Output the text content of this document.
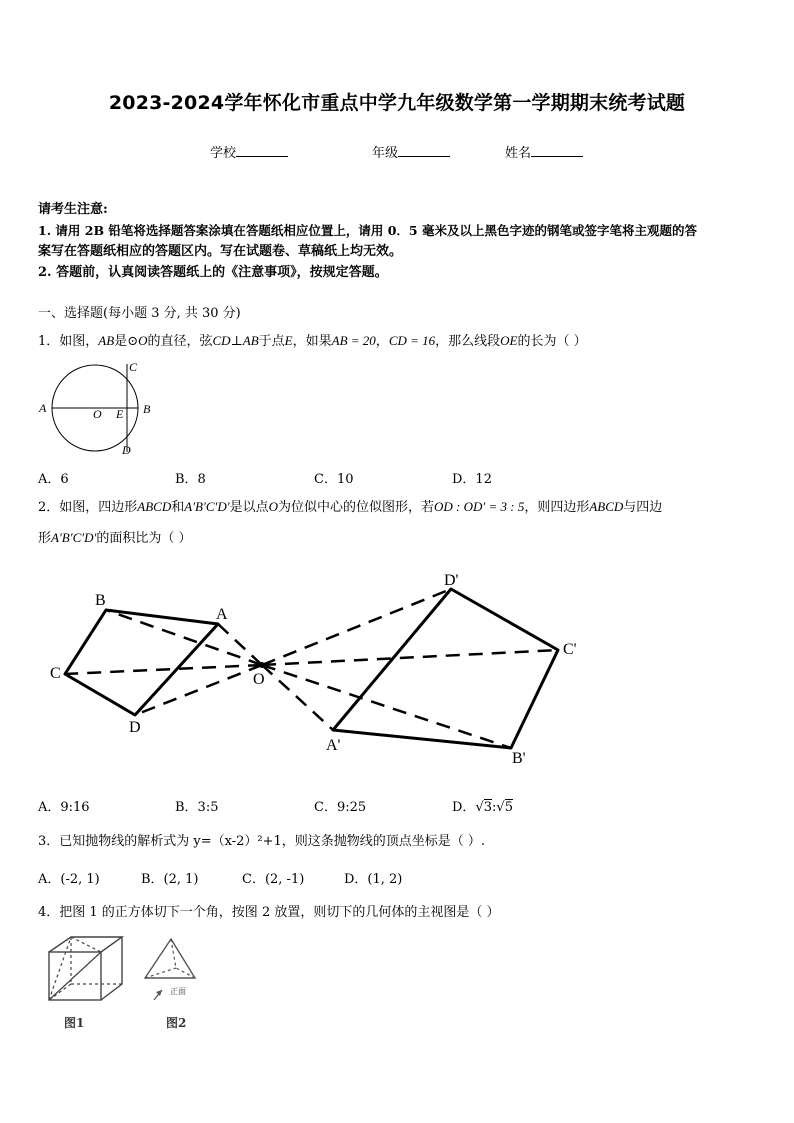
2023-2024学年怀化市重点中学九年级数学第一学期期末统考试题
学校	年级	姓名
请考生注意:
1. 请用 2B 铅笔将选择题答案涂填在答题纸相应位置上，请用 0．5 毫米及以上黑色字迹的钢笔或签字笔将主观题的答
案写在答题纸相应的答题区内。写在试题卷、草稿纸上均无效。
2. 答题前，认真阅读答题纸上的《注意事项》，按规定答题。
一、选择题(每小题 3 分, 共 30 分)
1．如图，AB是⊙O的直径，弦CD⊥AB于点E，如果AB = 20，CD = 16，那么线段OE的长为（ ）
A	B
C
D
O E
A．6	B．8	C．10	D．12
2．如图，四边形ABCD和A′B′C′D′是以点O为位似中心的位似图形，若OD : OD′ = 3 : 5，则四边形ABCD与四边
形A′B′C′D′的面积比为（ ）
A
B
C
D
O
A'
B'
C'
D'
A．9:16	B．3:5	C．9:25	D．√3:√5
3．已知抛物线的解析式为 y=（x-2）²+1，则这条抛物线的顶点坐标是（ ）.
A．(-2, 1)	B．(2, 1)	C．(2, -1)	D．(1, 2)
4．把图 1 的正方体切下一个角，按图 2 放置，则切下的几何体的主视图是（ ）
图1
正面
图2
